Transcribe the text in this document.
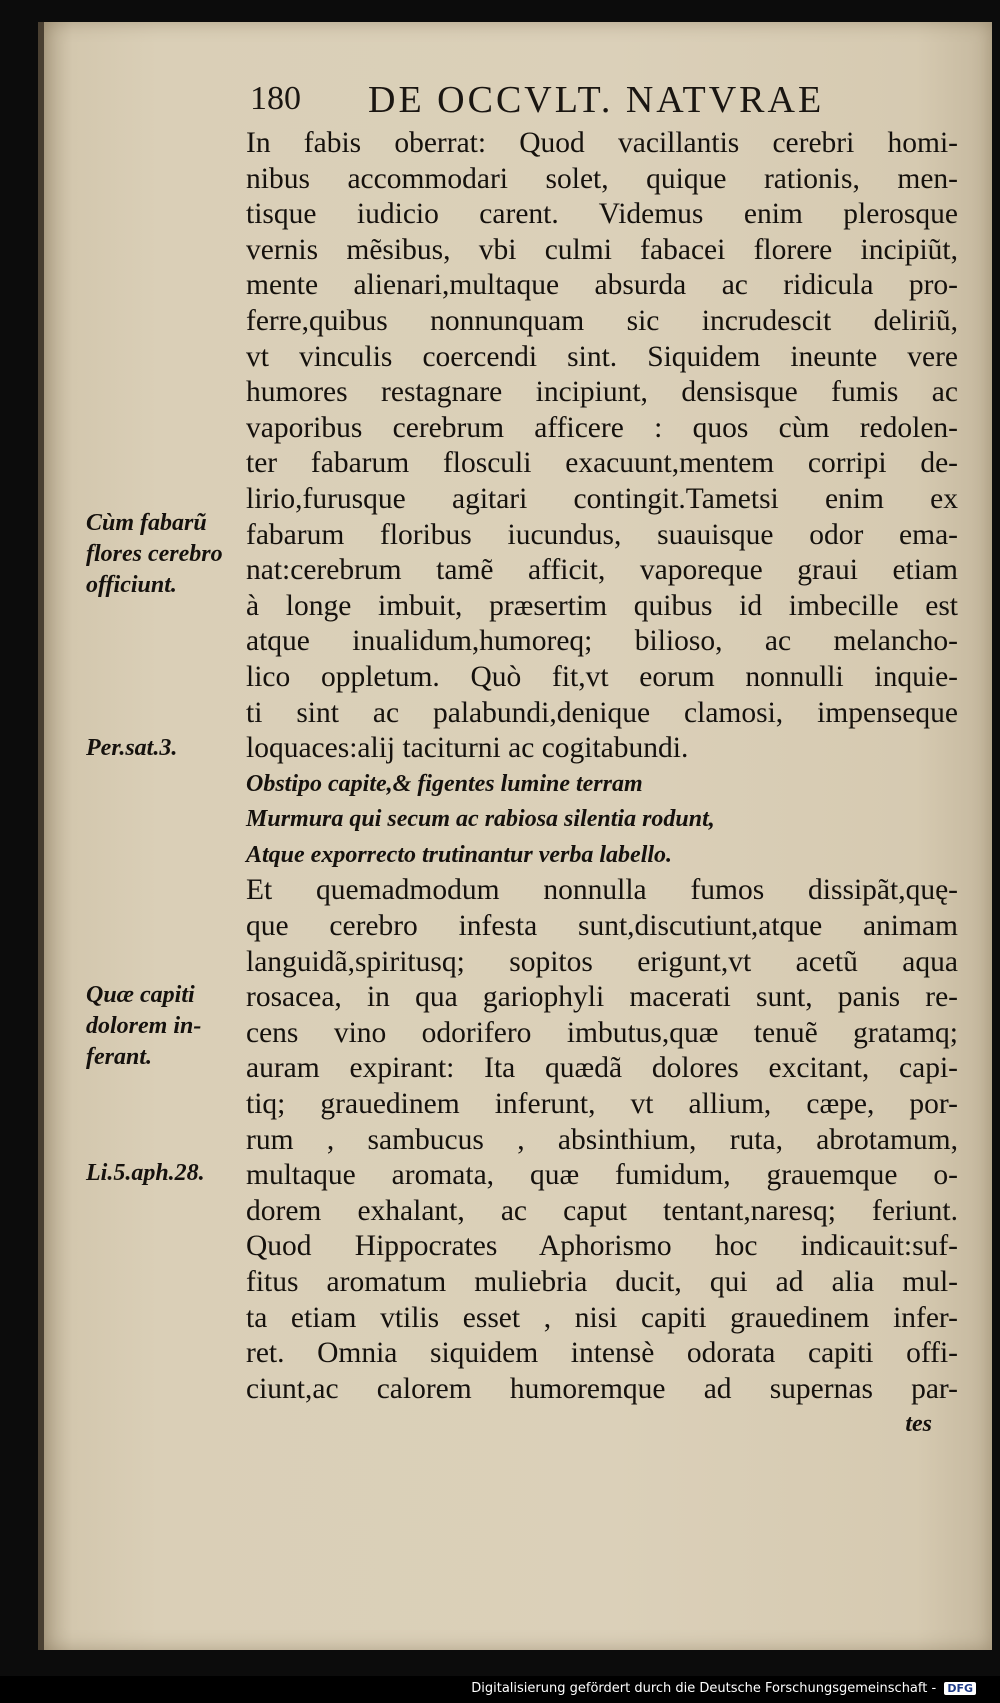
180 DE OCCVLT. NATVRAE
In fabis oberrat: Quod vacillantis cerebri homi-
nibus accommodari solet, quique rationis, men-
tisque iudicio carent. Videmus enim plerosque
vernis mẽsibus, vbi culmi fabacei florere incipiũt,
mente alienari,multaque absurda ac ridicula pro-
ferre,quibus nonnunquam sic incrudescit deliriũ,
vt vinculis coercendi sint. Siquidem ineunte vere
humores restagnare incipiunt, densisque fumis ac
vaporibus cerebrum afficere : quos cùm redolen-
ter fabarum flosculi exacuunt,mentem corripi de-
lirio,furusque agitari contingit.Tametsi enim ex
fabarum floribus iucundus, suauisque odor ema-
nat:cerebrum tamẽ afficit, vaporeque graui etiam
à longe imbuit, præsertim quibus id imbecille est
atque inualidum,humoreq; bilioso, ac melancho-
lico oppletum. Quò fit,vt eorum nonnulli inquie-
ti sint ac palabundi,denique clamosi, impenseque
loquaces:alij taciturni ac cogitabundi.
Obstipo capite,& figentes lumine terram
Murmura qui secum ac rabiosa silentia rodunt,
Atque exporrecto trutinantur verba labello.
Et quemadmodum nonnulla fumos dissipãt,quę-
que cerebro infesta sunt,discutiunt,atque animam
languidã,spiritusq; sopitos erigunt,vt acetũ aqua
rosacea, in qua gariophyli macerati sunt, panis re-
cens vino odorifero imbutus,quæ tenuẽ gratamq;
auram expirant: Ita quædã dolores excitant, capi-
tiq; grauedinem inferunt, vt allium, cæpe, por-
rum , sambucus , absinthium, ruta, abrotamum,
multaque aromata, quæ fumidum, grauemque o-
dorem exhalant, ac caput tentant,naresq; feriunt.
Quod Hippocrates Aphorismo hoc indicauit:suf-
fitus aromatum muliebria ducit, qui ad alia mul-
ta etiam vtilis esset , nisi capiti grauedinem infer-
ret. Omnia siquidem intensè odorata capiti offi-
ciunt,ac calorem humoremque ad supernas par-
tes
Cùm fabarũ
flores cerebro
officiunt.
Per.sat.3.
Quæ capiti
dolorem in-
ferant.
Li.5.aph.28.
Digitalisierung gefördert durch die Deutsche Forschungsgemeinschaft - DFG
